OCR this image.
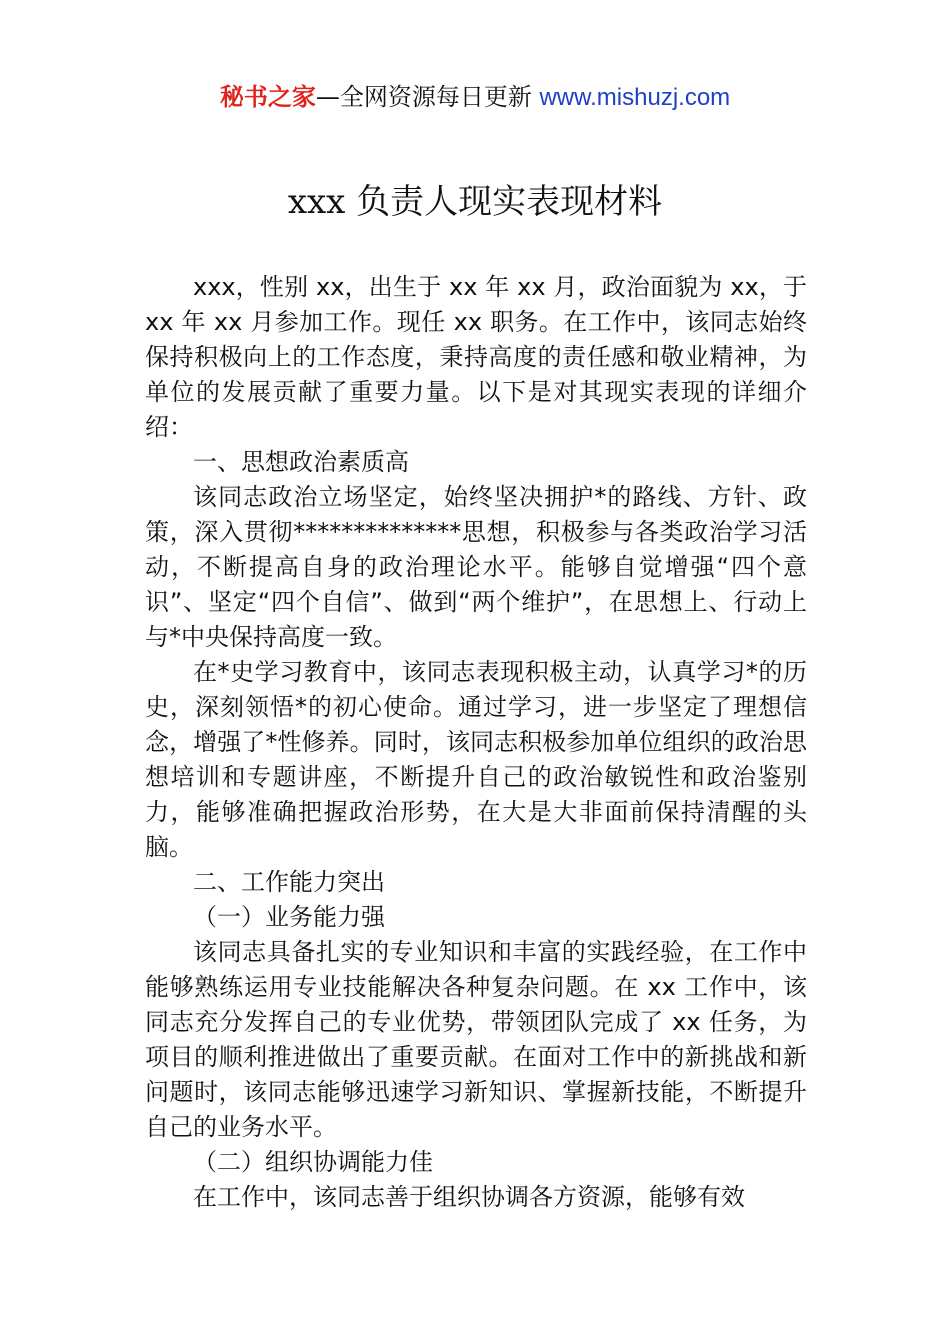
秘书之家—全网资源每日更新 www.mishuzj.com
xxx 负责人现实表现材料

xxx，性别 xx，出生于 xx 年 xx 月，政治面貌为 xx，于 xx 年 xx 月参加工作。现任 xx 职务。在工作中，该同志始终保持积极向上的工作态度，秉持高度的责任感和敬业精神，为单位的发展贡献了重要力量。以下是对其现实表现的详细介绍：

一、思想政治素质高

该同志政治立场坚定，始终坚决拥护*的路线、方针、政策，深入贯彻**************思想，积极参与各类政治学习活动，不断提高自身的政治理论水平。能够自觉增强“四个意识”、坚定“四个自信”、做到“两个维护”，在思想上、行动上与*中央保持高度一致。

在*史学习教育中，该同志表现积极主动，认真学习*的历史，深刻领悟*的初心使命。通过学习，进一步坚定了理想信念，增强了*性修养。同时，该同志积极参加单位组织的政治思想培训和专题讲座，不断提升自己的政治敏锐性和政治鉴别力，能够准确把握政治形势，在大是大非面前保持清醒的头脑。

二、工作能力突出

（一）业务能力强

该同志具备扎实的专业知识和丰富的实践经验，在工作中能够熟练运用专业技能解决各种复杂问题。在 xx 工作中，该同志充分发挥自己的专业优势，带领团队完成了 xx 任务，为项目的顺利推进做出了重要贡献。在面对工作中的新挑战和新问题时，该同志能够迅速学习新知识、掌握新技能，不断提升自己的业务水平。

（二）组织协调能力佳

在工作中，该同志善于组织协调各方资源，能够有效
